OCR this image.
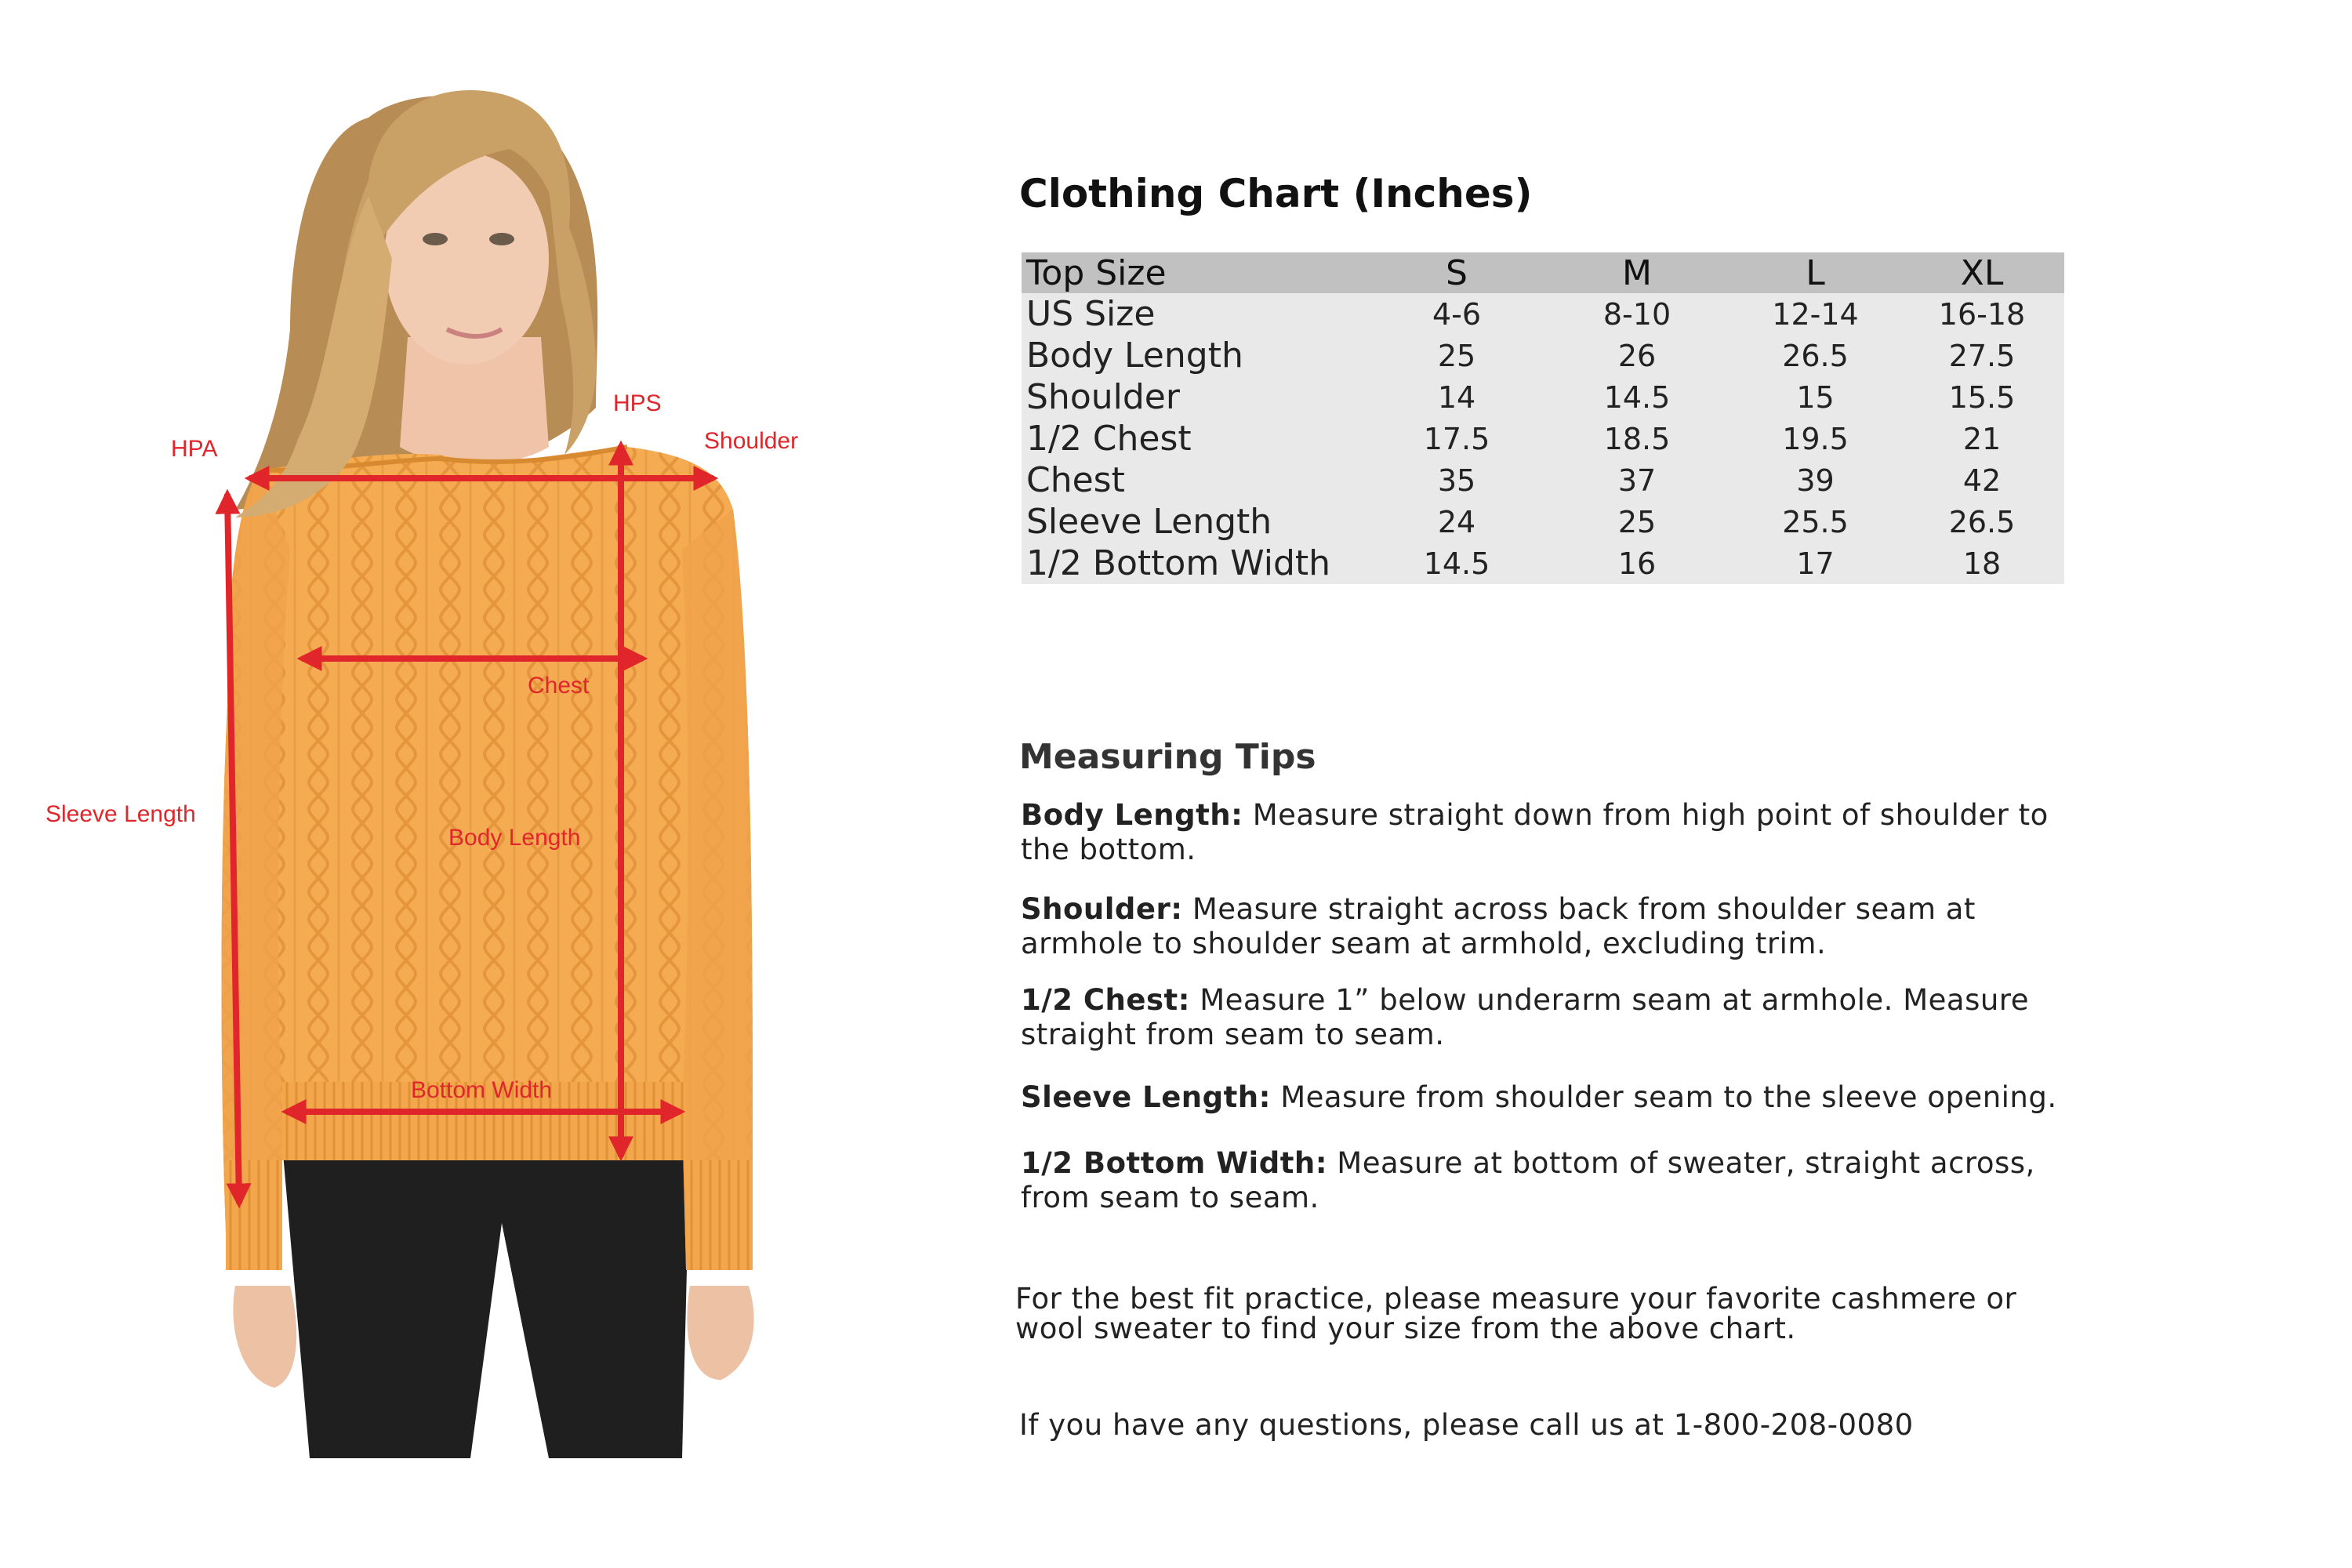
HPA
HPS
Shoulder
Chest
Sleeve Length
Body Length
Bottom Width
Clothing Chart (Inches)
Top Size	S	M	L	XL
US Size	4-6	8-10	12-14	16-18
Body Length	25	26	26.5	27.5
Shoulder	14	14.5	15	15.5
1/2 Chest	17.5	18.5	19.5	21
Chest	35	37	39	42
Sleeve Length	24	25	25.5	26.5
1/2 Bottom Width	14.5	16	17	18
Measuring Tips
Body Length: Measure straight down from high point of shoulder to the bottom.
Shoulder: Measure straight across back from shoulder seam at armhole to shoulder seam at armhold, excluding trim.
1/2 Chest: Measure 1” below underarm seam at armhole. Measure straight from seam to seam.
Sleeve Length: Measure from shoulder seam to the sleeve opening.
1/2 Bottom Width: Measure at bottom of sweater, straight across, from seam to seam.
For the best fit practice, please measure your favorite cashmere or wool sweater to find your size from the above chart.
If you have any questions, please call us at 1-800-208-0080
